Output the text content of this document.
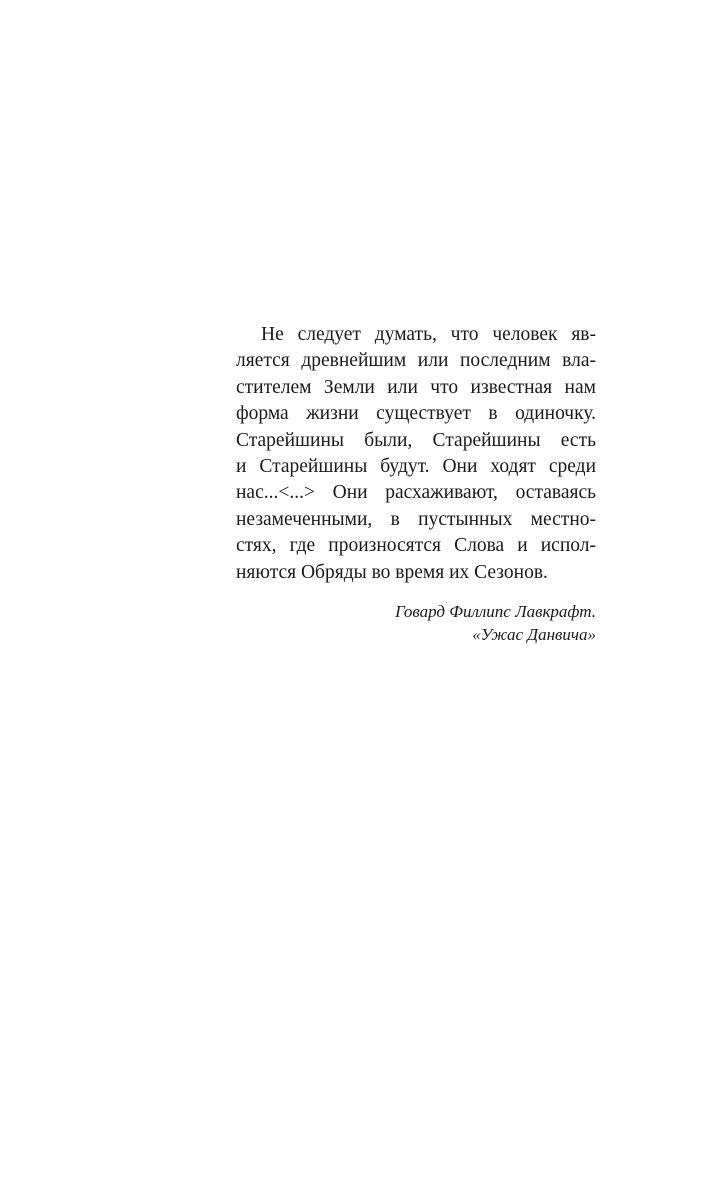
Не следует думать, что человек яв-
ляется древнейшим или последним вла-
стителем Земли или что известная нам
форма жизни существует в одиночку.
Старейшины были, Старейшины есть
и Старейшины будут. Они ходят среди
нас...<...> Они расхаживают, оставаясь
незамеченными, в пустынных местно-
стях, где произносятся Слова и испол-
няются Обряды во время их Сезонов.
Говард Филлипс Лавкрафт.
«Ужас Данвича»
